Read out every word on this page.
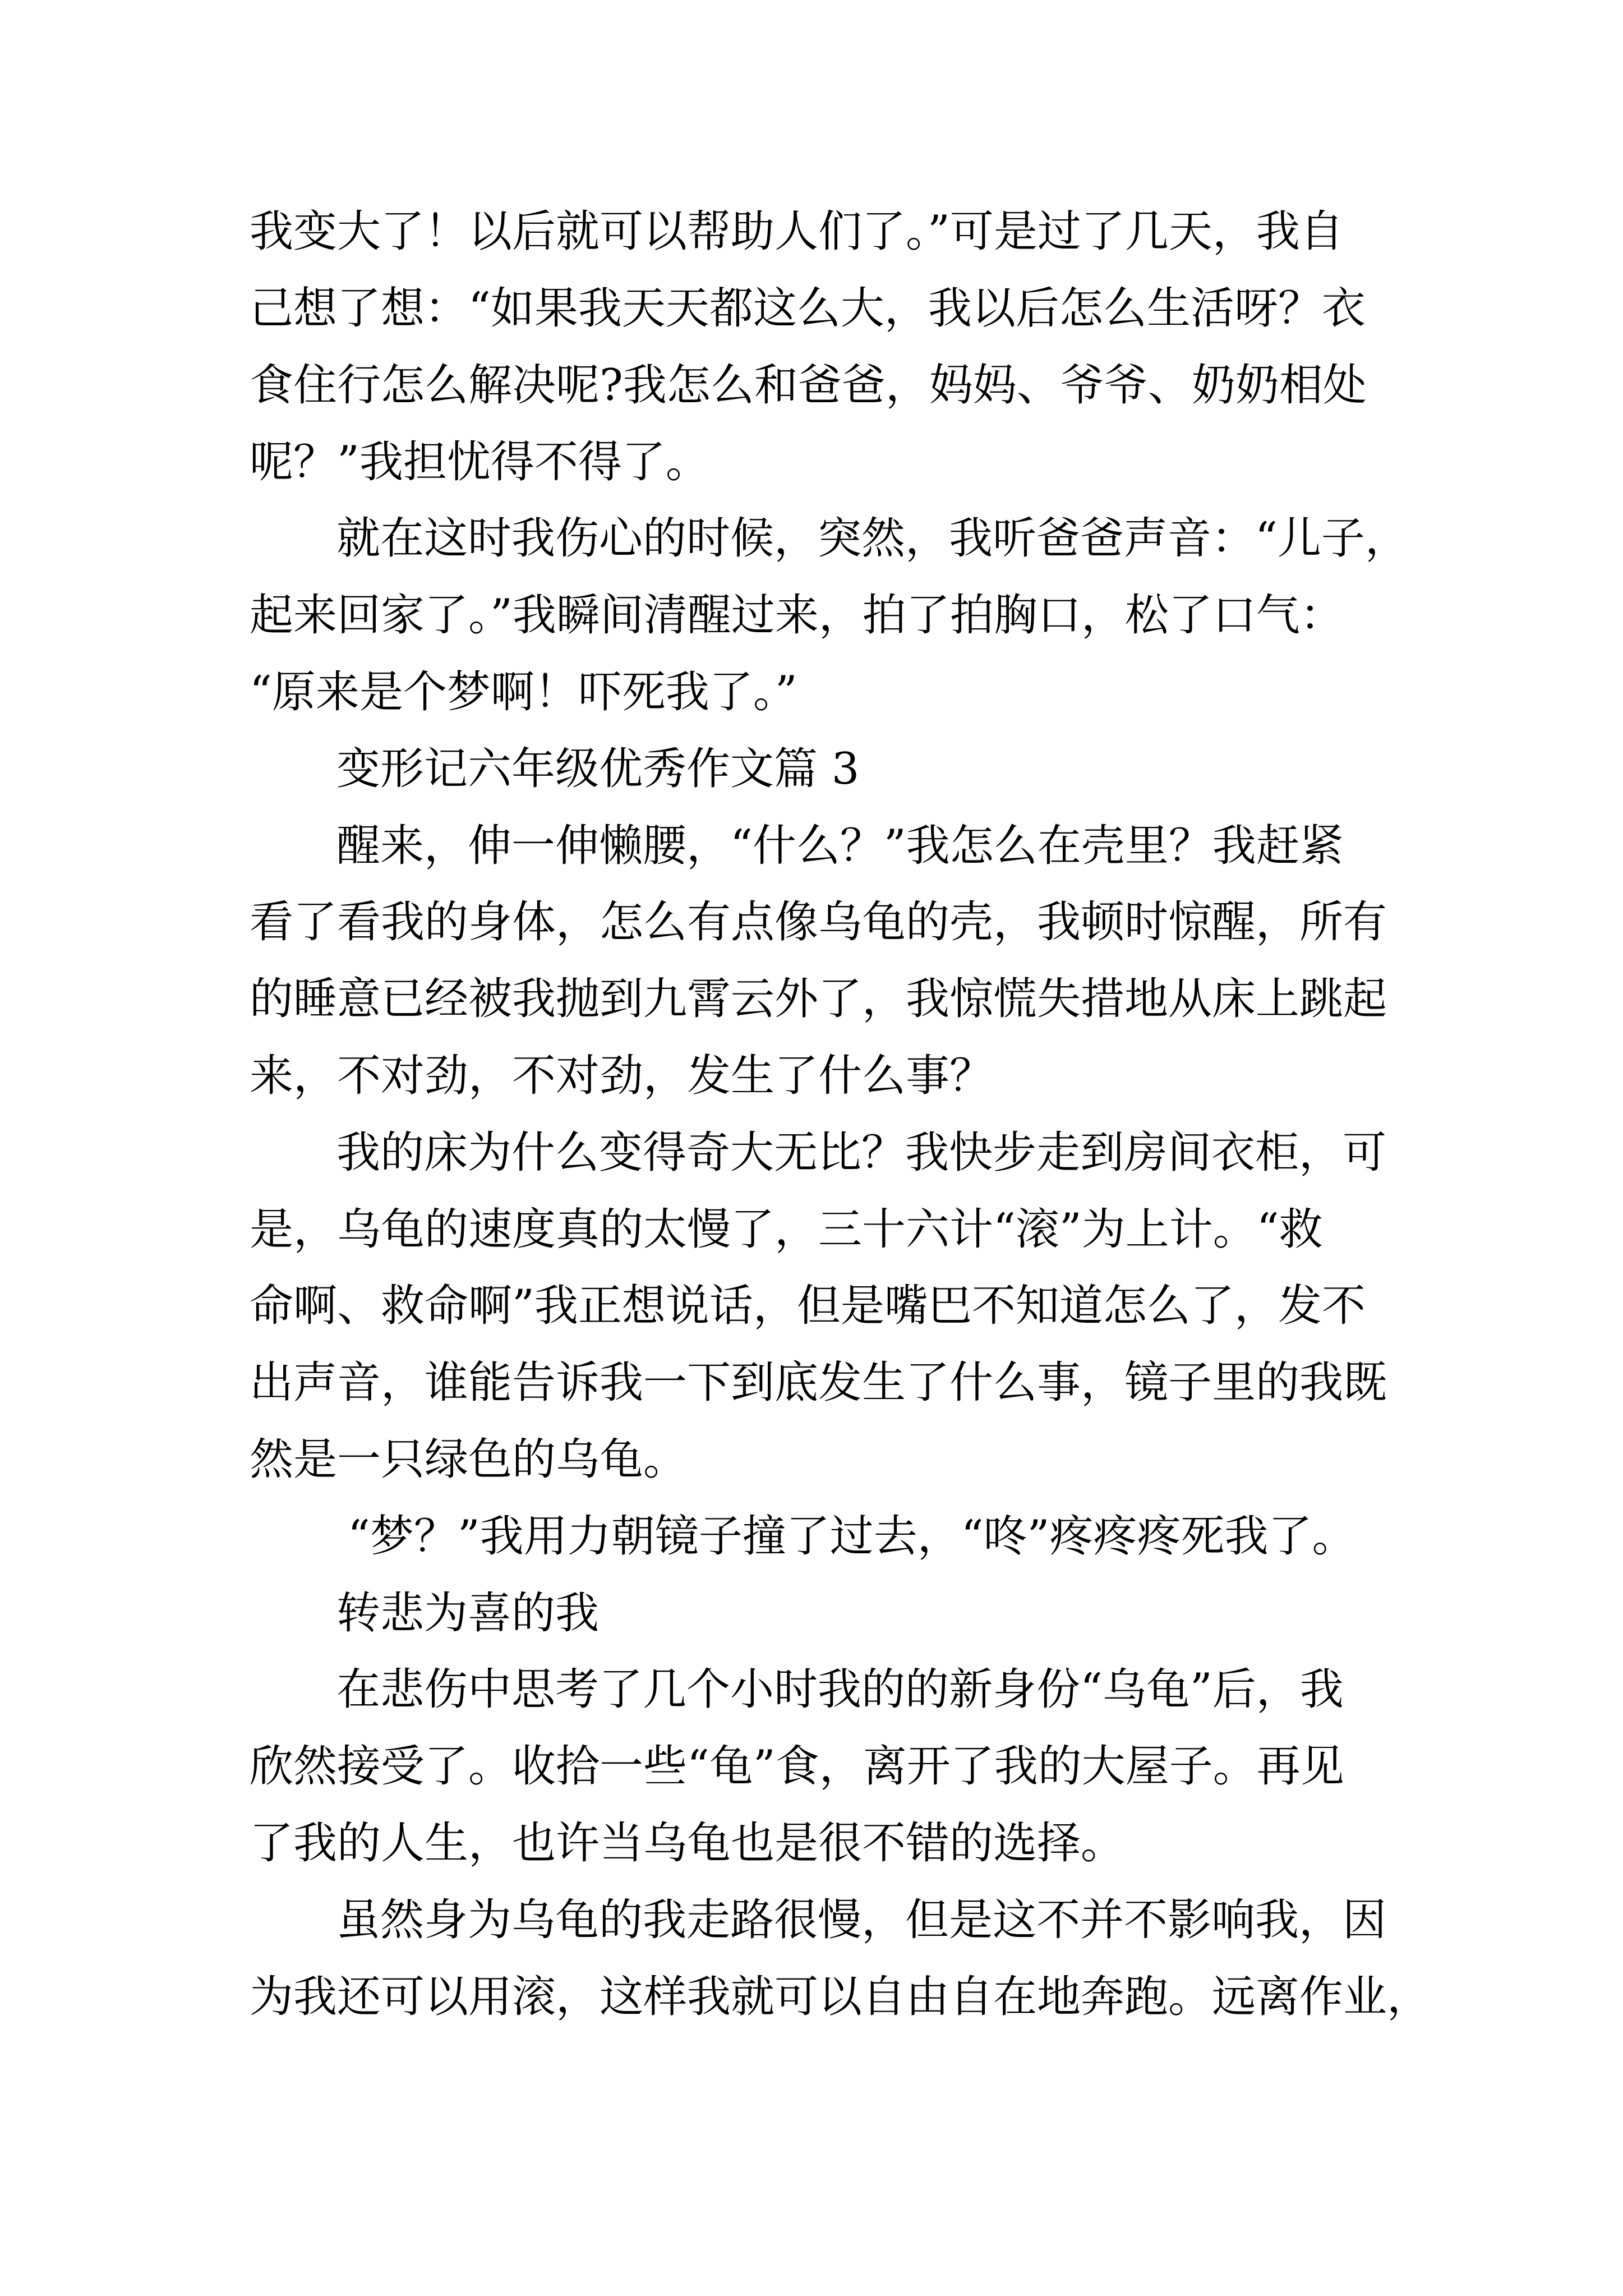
我变大了！以后就可以帮助人们了。”可是过了几天，我自
己想了想：“如果我天天都这么大，我以后怎么生活呀？衣
食住行怎么解决呢?我怎么和爸爸，妈妈、爷爷、奶奶相处
呢？”我担忧得不得了。
就在这时我伤心的时候，突然，我听爸爸声音：“儿子，
起来回家了。”我瞬间清醒过来，拍了拍胸口，松了口气：
“原来是个梦啊！吓死我了。”
变形记六年级优秀作文篇 3
醒来，伸一伸懒腰，“什么？”我怎么在壳里？我赶紧
看了看我的身体，怎么有点像乌龟的壳，我顿时惊醒，所有
的睡意已经被我抛到九霄云外了，我惊慌失措地从床上跳起
来，不对劲，不对劲，发生了什么事？
我的床为什么变得奇大无比？我快步走到房间衣柜，可
是，乌龟的速度真的太慢了，三十六计“滚”为上计。“救
命啊、救命啊”我正想说话，但是嘴巴不知道怎么了，发不
出声音，谁能告诉我一下到底发生了什么事，镜子里的我既
然是一只绿色的乌龟。
“梦？”我用力朝镜子撞了过去，“咚”疼疼疼死我了。
转悲为喜的我
在悲伤中思考了几个小时我的的新身份“乌龟”后，我
欣然接受了。收拾一些“龟”食，离开了我的大屋子。再见
了我的人生，也许当乌龟也是很不错的选择。
虽然身为乌龟的我走路很慢，但是这不并不影响我，因
为我还可以用滚，这样我就可以自由自在地奔跑。远离作业，
